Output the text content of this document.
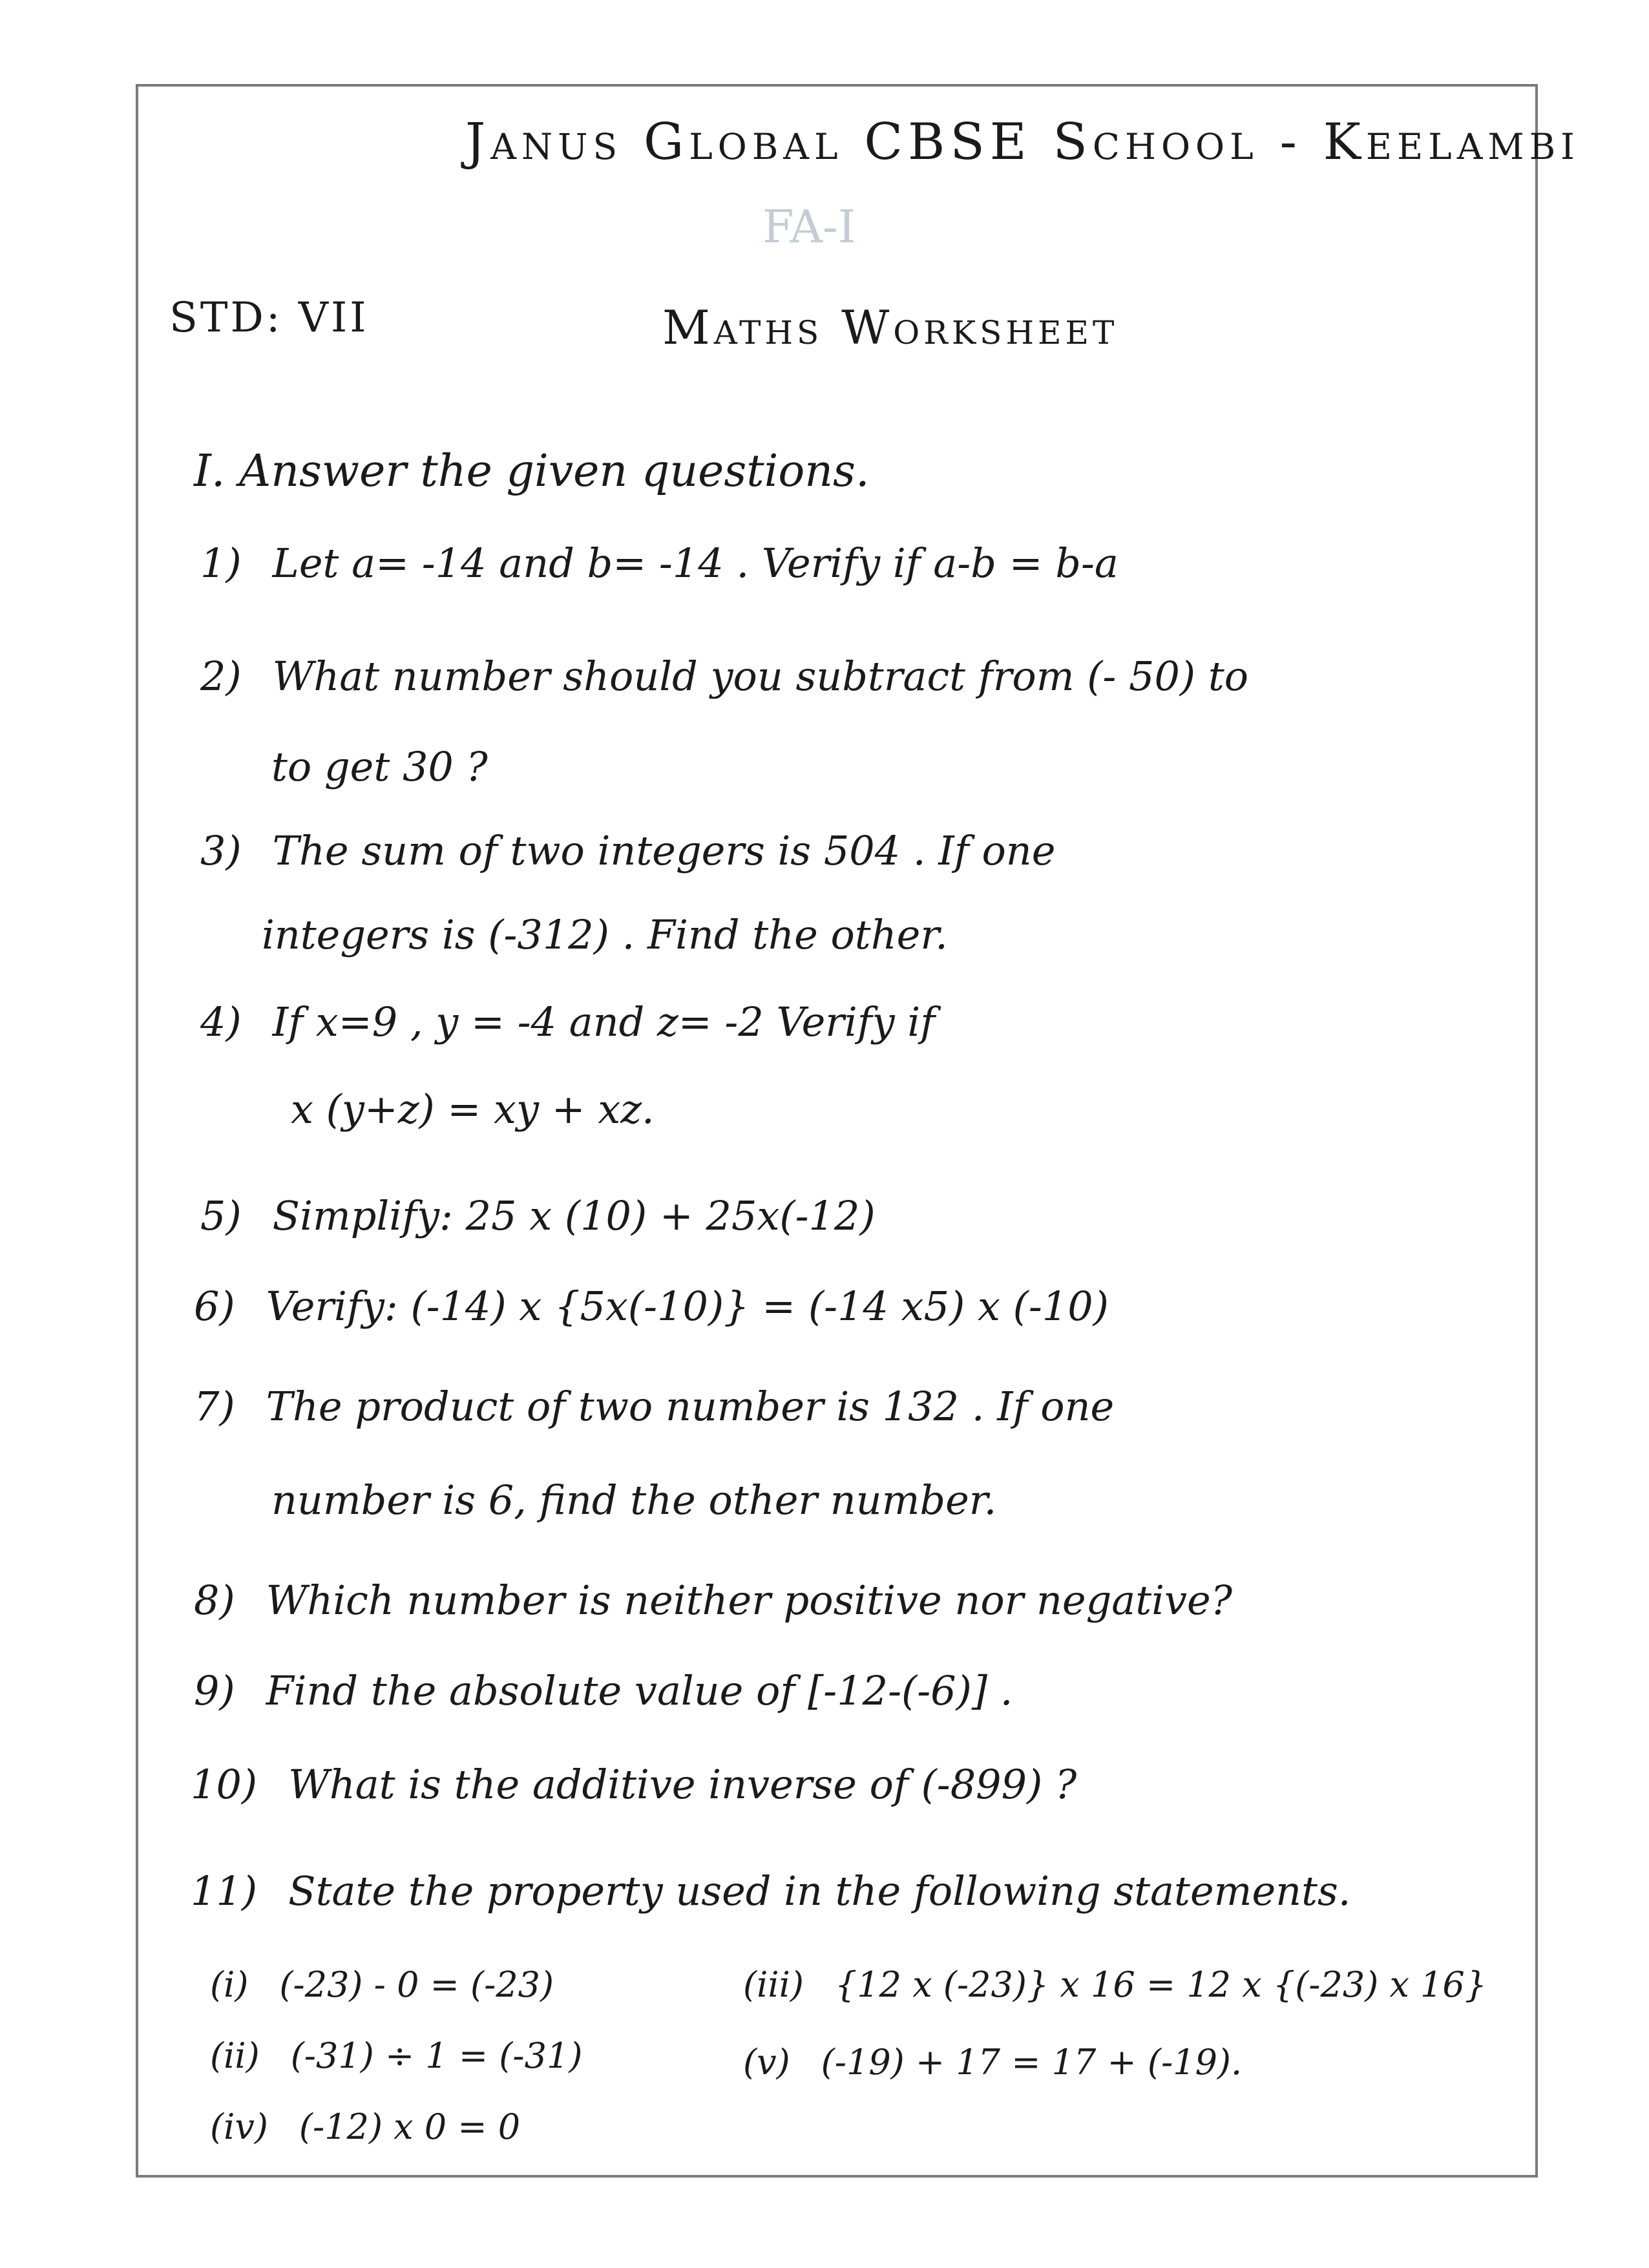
Janus Global CBSE School - Keelambi
FA-I
STD: VII	Maths Worksheet
I. Answer the given questions.
1) Let a= -14 and b= -14 . Verify if a-b = b-a
2) What number should you subtract from (- 50) to
to get 30 ?
3) The sum of two integers is 504 . If one
integers is (-312) . Find the other.
4) If x=9 , y = -4 and z= -2 Verify if
x (y+z) = xy + xz.
5) Simplify: 25 x (10) + 25x(-12)
6) Verify: (-14) x {5x(-10)} = (-14 x5) x (-10)
7) The product of two number is 132 . If one
number is 6, find the other number.
8) Which number is neither positive nor negative?
9) Find the absolute value of [-12-(-6)] .
10) What is the additive inverse of (-899) ?
11) State the property used in the following statements.
(i) (-23) - 0 = (-23)
(ii) (-31) ÷ 1 = (-31)
(iii) {12 x (-23)} x 16 = 12 x {(-23) x 16}
(iv) (-12) x 0 = 0
(v) (-19) + 17 = 17 + (-19).
